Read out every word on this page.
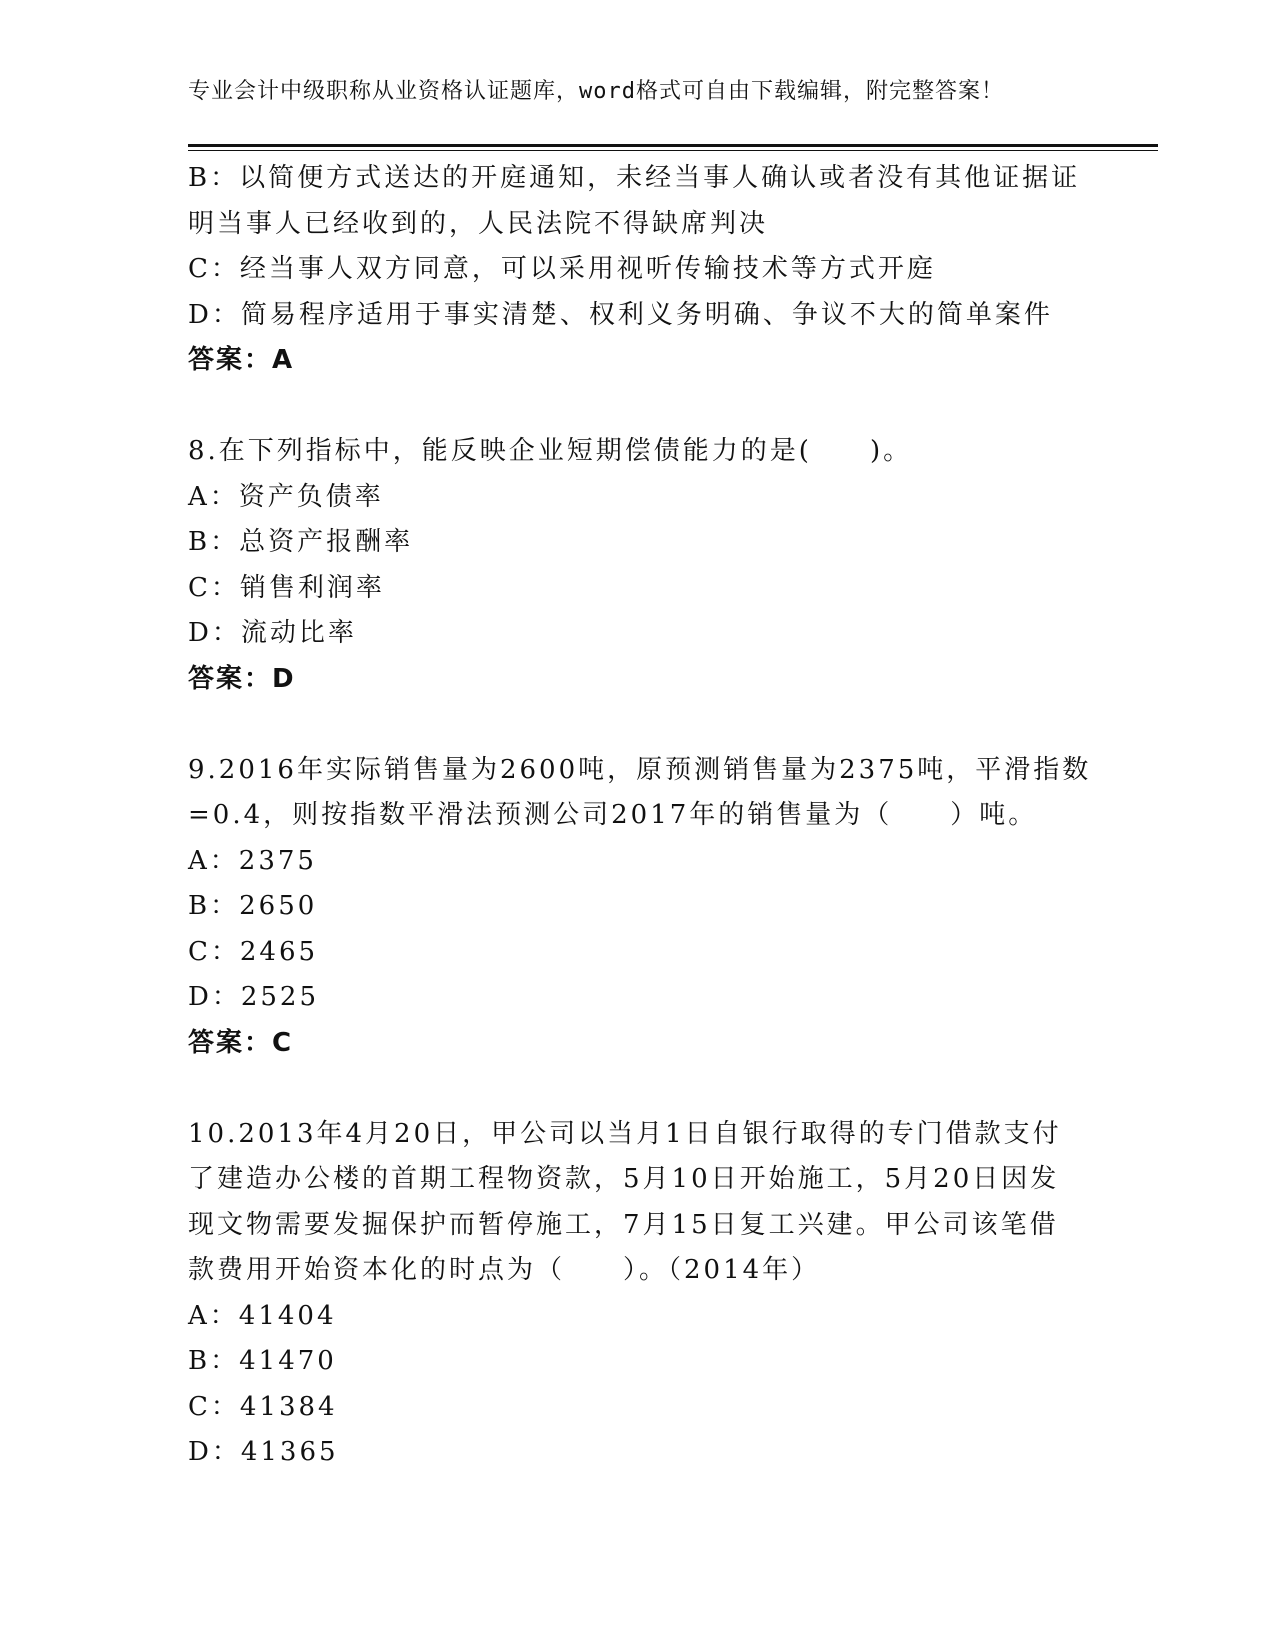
专业会计中级职称从业资格认证题库，word格式可自由下载编辑，附完整答案！
B：以简便方式送达的开庭通知，未经当事人确认或者没有其他证据证
明当事人已经收到的，人民法院不得缺席判决
C：经当事人双方同意，可以采用视听传输技术等方式开庭
D：简易程序适用于事实清楚、权利义务明确、争议不大的简单案件
答案：A
8.在下列指标中，能反映企业短期偿债能力的是(　　)。
A：资产负债率
B：总资产报酬率
C：销售利润率
D：流动比率
答案：D
9.2016年实际销售量为2600吨，原预测销售量为2375吨，平滑指数
=0.4，则按指数平滑法预测公司2017年的销售量为（　　）吨。
A：2375
B：2650
C：2465
D：2525
答案：C
10.2013年4月20日，甲公司以当月1日自银行取得的专门借款支付
了建造办公楼的首期工程物资款，5月10日开始施工，5月20日因发
现文物需要发掘保护而暂停施工，7月15日复工兴建。甲公司该笔借
款费用开始资本化的时点为（　　）。（2014年）
A：41404
B：41470
C：41384
D：41365
